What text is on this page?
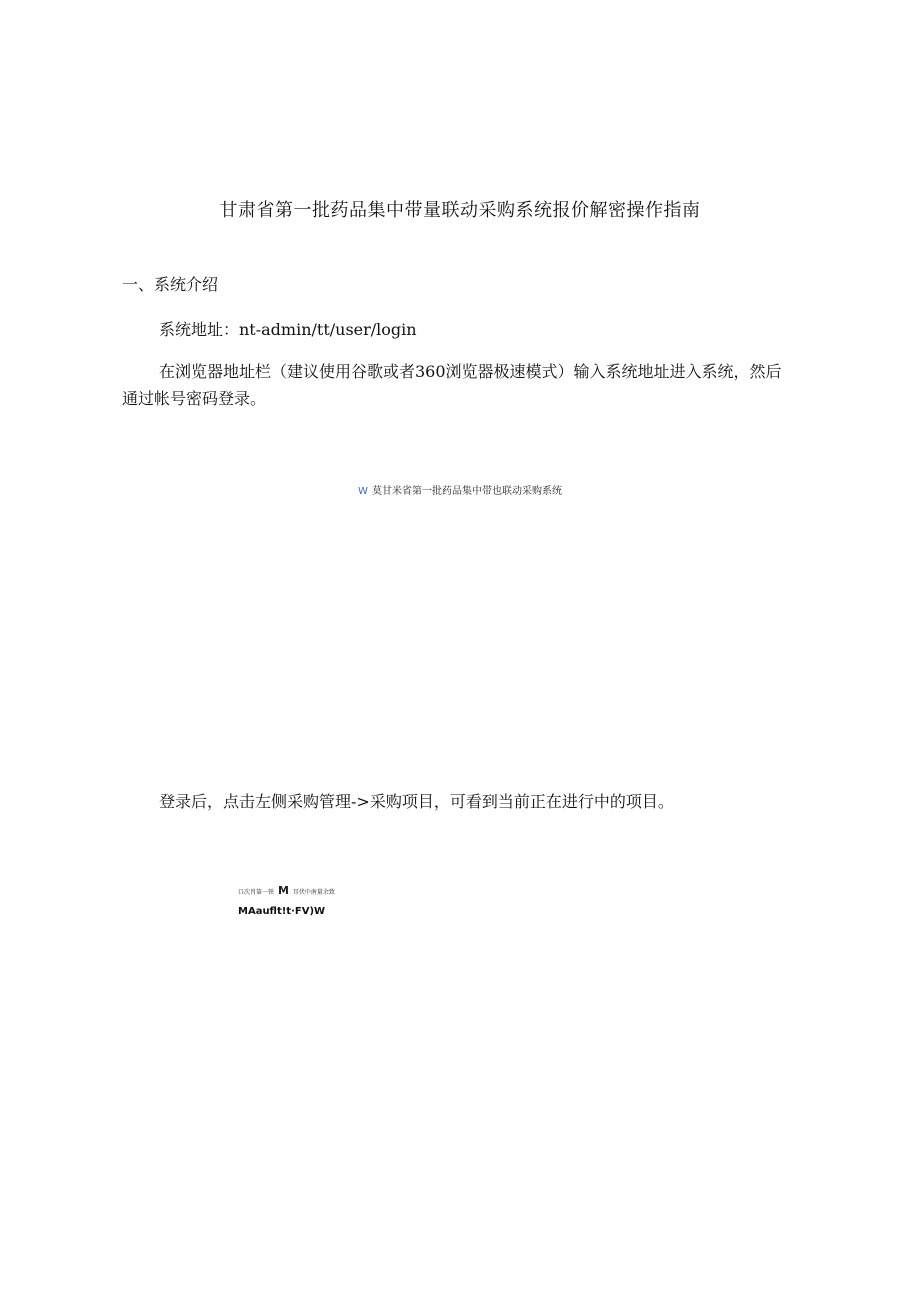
甘肃省第一批药品集中带量联动采购系统报价解密操作指南
一、系统介绍
系统地址：nt-admin/tt/user/login
在浏览器地址栏（建议使用谷歌或者360浏览器极速模式）输入系统地址进入系统，然后通过帐号密码登录。
W 莫甘米省第一批药品集中带也联动采购系统
登录后，点击左侧采购管理->采购项目，可看到当前正在进行中的项目。
口次肖第一铁 M 耳伏中南量余致
MAauflt!t·FV)W
